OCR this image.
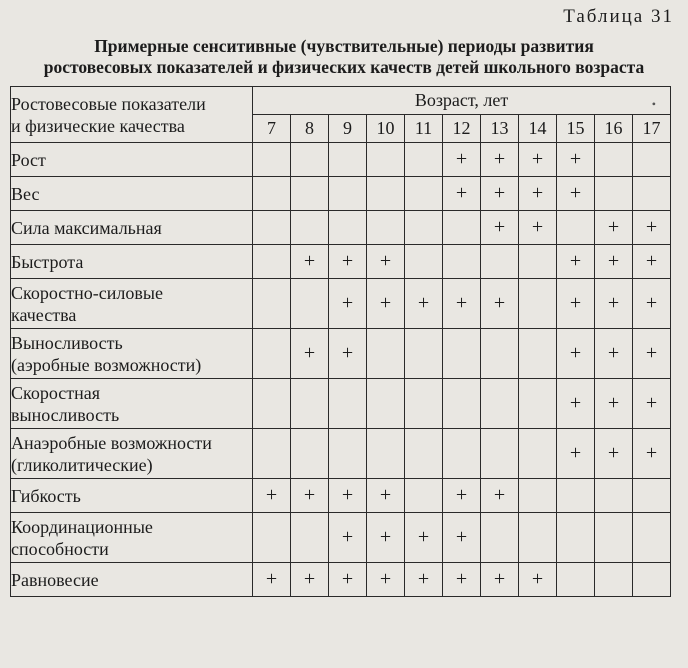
Таблица 31
Примерные сенситивные (чувствительные) периоды развития
ростовесовых показателей и физических качеств детей школьного возраста
•
Ростовесовые показатели
и физические качества	Возраст, лет										
	7	8	9	10	11	12	13	14	15	16	17

Рост						+	+	+	+		

Вес						+	+	+	+		

Сила максимальная							+	+		+	+

Быстрота		+	+	+					+	+	+

Скоростно-силовые
качества			+	+	+	+	+		+	+	+

Выносливость
(аэробные возможности)		+	+						+	+	+

Скоростная
выносливость									+	+	+

Анаэробные возможности
(гликолитические)									+	+	+

Гибкость	+	+	+	+		+	+				

Координационные
способности			+	+	+	+					

Равновесие	+	+	+	+	+	+	+	+			
